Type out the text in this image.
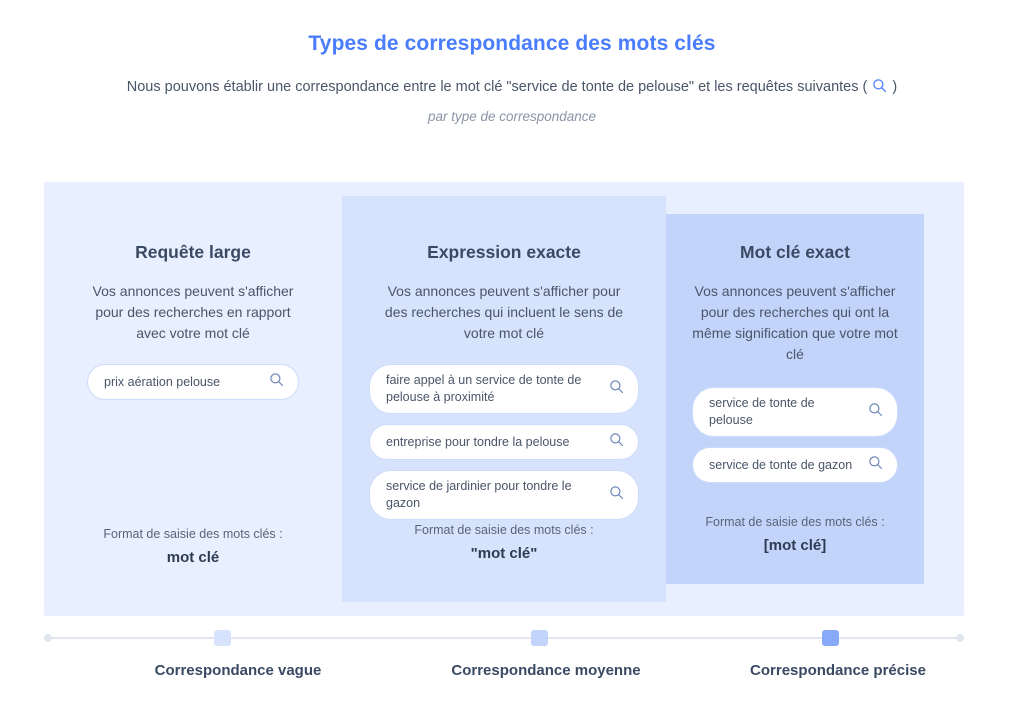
Types de correspondance des mots clés

Nous pouvons établir une correspondance entre le mot clé "service de tonte de pelouse" et les requêtes suivantes ( )

par type de correspondance

Requête large

Vos annonces peuvent s'afficher pour des recherches en rapport avec votre mot clé

prix aération pelouse

Format de saisie des mots clés :

mot clé

Expression exacte

Vos annonces peuvent s'afficher pour des recherches qui incluent le sens de votre mot clé

faire appel à un service de tonte de pelouse à proximité
entreprise pour tondre la pelouse
service de jardinier pour tondre le gazon

Format de saisie des mots clés :

"mot clé"

Mot clé exact

Vos annonces peuvent s'afficher pour des recherches qui ont la même signification que votre mot clé

service de tonte de pelouse
service de tonte de gazon

Format de saisie des mots clés :

[mot clé]

Correspondance vague	Correspondance moyenne	Correspondance précise
